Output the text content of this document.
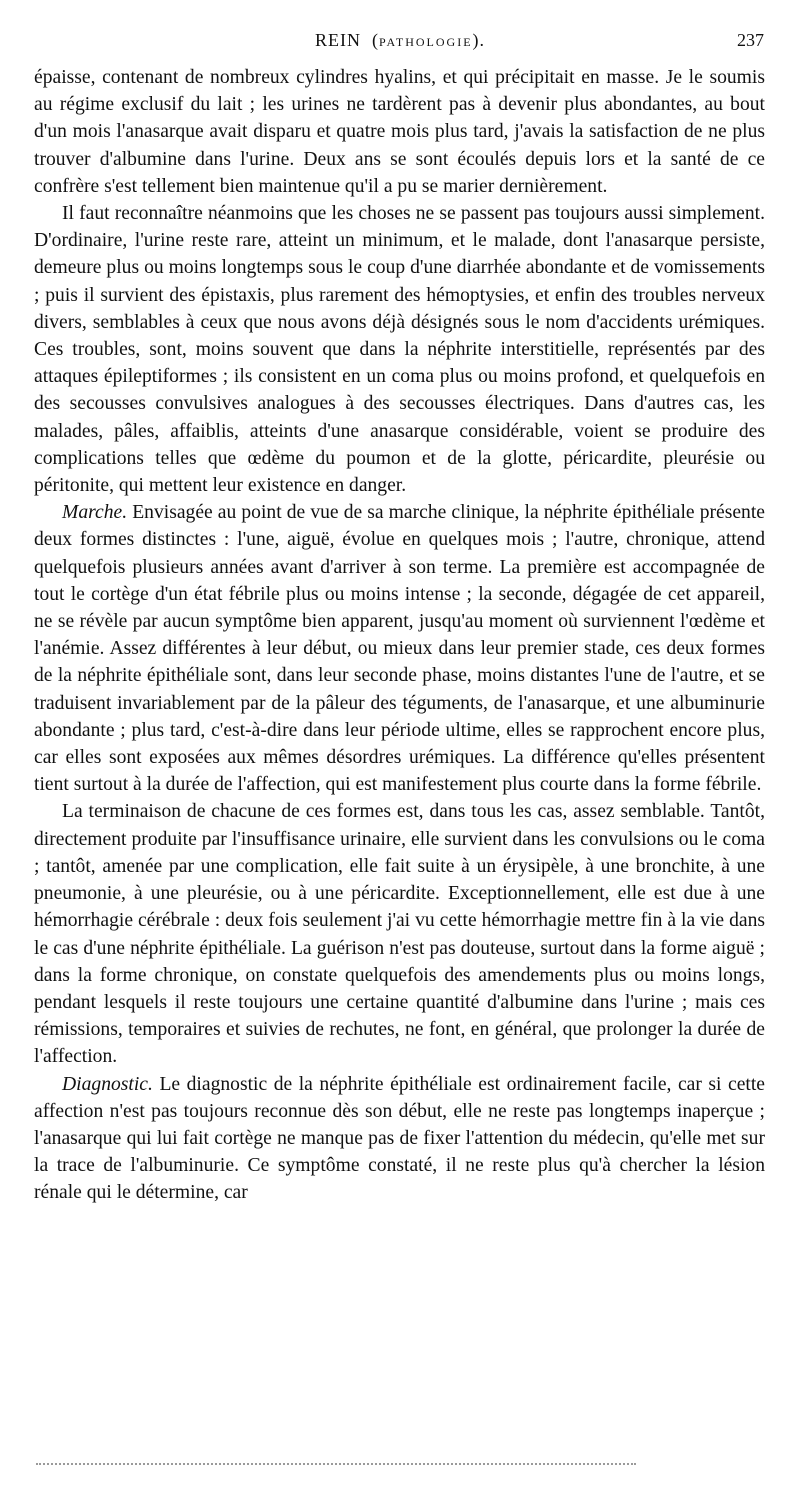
REIN  (PATHOLOGIE).	237

épaisse, contenant de nombreux cylindres hyalins, et qui précipitait en masse. Je le soumis au régime exclusif du lait ; les urines ne tardèrent pas à devenir plus abondantes, au bout d'un mois l'anasarque avait disparu et quatre mois plus tard, j'avais la satisfaction de ne plus trouver d'albumine dans l'urine. Deux ans se sont écoulés depuis lors et la santé de ce confrère s'est tellement bien maintenue qu'il a pu se marier dernièrement.

Il faut reconnaître néanmoins que les choses ne se passent pas toujours aussi simplement. D'ordinaire, l'urine reste rare, atteint un minimum, et le malade, dont l'anasarque persiste, demeure plus ou moins longtemps sous le coup d'une diarrhée abondante et de vomissements ; puis il survient des épistaxis, plus rarement des hémoptysies, et enfin des troubles nerveux divers, semblables à ceux que nous avons déjà désignés sous le nom d'accidents urémiques. Ces troubles, sont, moins souvent que dans la néphrite interstitielle, représentés par des attaques épileptiformes ; ils consistent en un coma plus ou moins profond, et quelquefois en des secousses convulsives analogues à des secousses électriques. Dans d'autres cas, les malades, pâles, affaiblis, atteints d'une anasarque considérable, voient se produire des complications telles que œdème du poumon et de la glotte, péricardite, pleurésie ou péritonite, qui mettent leur existence en danger.

Marche. Envisagée au point de vue de sa marche clinique, la néphrite épithéliale présente deux formes distinctes : l'une, aiguë, évolue en quelques mois ; l'autre, chronique, attend quelquefois plusieurs années avant d'arriver à son terme. La première est accompagnée de tout le cortège d'un état fébrile plus ou moins intense ; la seconde, dégagée de cet appareil, ne se révèle par aucun symptôme bien apparent, jusqu'au moment où surviennent l'œdème et l'anémie. Assez différentes à leur début, ou mieux dans leur premier stade, ces deux formes de la néphrite épithéliale sont, dans leur seconde phase, moins distantes l'une de l'autre, et se traduisent invariablement par de la pâleur des téguments, de l'anasarque, et une albuminurie abondante ; plus tard, c'est-à-dire dans leur période ultime, elles se rapprochent encore plus, car elles sont exposées aux mêmes désordres urémiques. La différence qu'elles présentent tient surtout à la durée de l'affection, qui est manifestement plus courte dans la forme fébrile.

La terminaison de chacune de ces formes est, dans tous les cas, assez semblable. Tantôt, directement produite par l'insuffisance urinaire, elle survient dans les convulsions ou le coma ; tantôt, amenée par une complication, elle fait suite à un érysipèle, à une bronchite, à une pneumonie, à une pleurésie, ou à une péricardite. Exceptionnellement, elle est due à une hémorrhagie cérébrale : deux fois seulement j'ai vu cette hémorrhagie mettre fin à la vie dans le cas d'une néphrite épithéliale. La guérison n'est pas douteuse, surtout dans la forme aiguë ; dans la forme chronique, on constate quelquefois des amendements plus ou moins longs, pendant lesquels il reste toujours une certaine quantité d'albumine dans l'urine ; mais ces rémissions, temporaires et suivies de rechutes, ne font, en général, que prolonger la durée de l'affection.

Diagnostic. Le diagnostic de la néphrite épithéliale est ordinairement facile, car si cette affection n'est pas toujours reconnue dès son début, elle ne reste pas longtemps inaperçue ; l'anasarque qui lui fait cortège ne manque pas de fixer l'attention du médecin, qu'elle met sur la trace de l'albuminurie. Ce symptôme constaté, il ne reste plus qu'à chercher la lésion rénale qui le détermine, car
